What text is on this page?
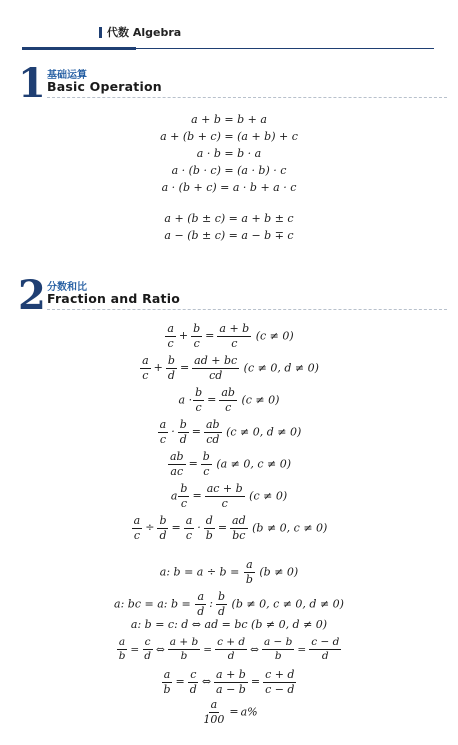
代数 Algebra
1 基础运算
Basic Operation
a + b = b + a
a + (b + c) = (a + b) + c
a · b = b · a
a · (b · c) = (a · b) · c
a · (b + c) = a · b + a · c
a + (b ± c) = a + b ± c
a − (b ± c) = a − b ∓ c
2 分数和比
Fraction and Ratio
$\frac{a}{c} + \frac{b}{c} = \frac{a + b}{c} (c \ne 0)$
$\frac{a}{c} + \frac{b}{d} = \frac{ad + bc}{cd} (c \ne 0$, d ≠ 0)
$a \cdot \frac{b}{c} = \frac{ab}{c} (c \ne 0)$
$\frac{a}{c} \cdot \frac{b}{d} = \frac{ab}{cd} (c \ne 0$, d ≠ 0)
$\frac{ab}{ac} = \frac{b}{c} (a \ne 0$, c ≠ 0)
a $\frac{b}{c} = \frac{ac + b}{c} (c \ne 0)$
$\frac{a}{c} \div \frac{b}{d} = \frac{a}{c} \cdot \frac{d}{b} = \frac{ad}{bc} (b \ne 0$, c ≠ 0)
a: $b = a \div b = \frac{a}{b} (b \ne 0)$
a: bc = a: $b = \frac{a}{d}$ : $\frac{b}{d} (b \ne 0$, c ≠ 0, d ≠ 0)
a: b = c: d ⇔ ad = bc (b ≠ 0, d ≠ 0)
$\frac{a}{b} = \frac{c}{d}$ ⇔ $\frac{a + b}{b} = \frac{c + d}{d}$ ⇔ $\frac{a - b}{b} = \frac{c - d}{d}$
$\frac{a}{b} = \frac{c}{d}$ ⇔ $\frac{a + b}{a - b} = \frac{c + d}{c - d}$
$\frac{a}{100} = a\%$
